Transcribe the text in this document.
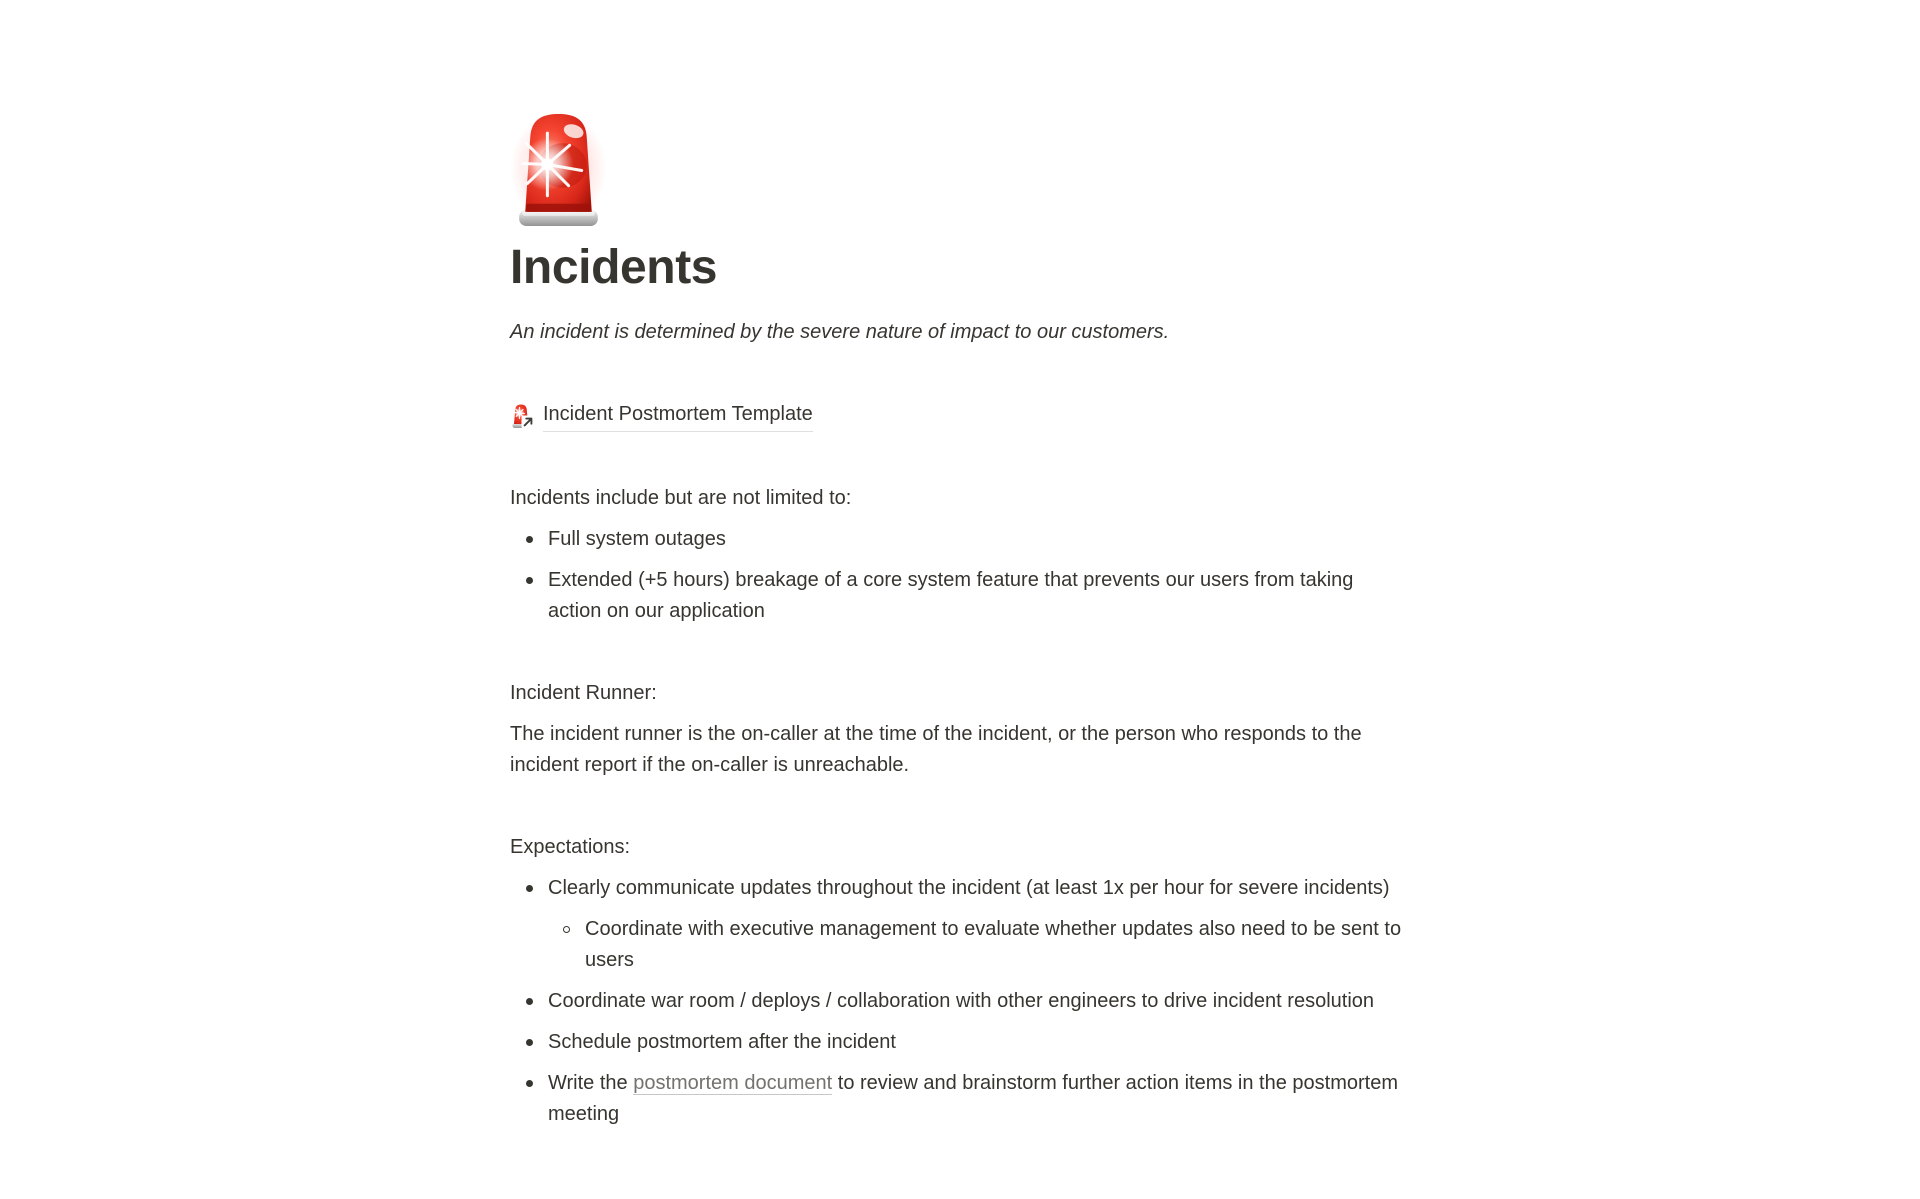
Incidents

An incident is determined by the severe nature of impact to our customers.

Incident Postmortem Template

Incidents include but are not limited to:

Full system outages
Extended (+5 hours) breakage of a core system feature that prevents our users from taking action on our application

Incident Runner:

The incident runner is the on-caller at the time of the incident, or the person who responds to the incident report if the on-caller is unreachable.

Expectations:

Clearly communicate updates throughout the incident (at least 1x per hour for severe incidents)
Coordinate with executive management to evaluate whether updates also need to be sent to users
Coordinate war room / deploys / collaboration with other engineers to drive incident resolution
Schedule postmortem after the incident
Write the postmortem document to review and brainstorm further action items in the postmortem meeting
